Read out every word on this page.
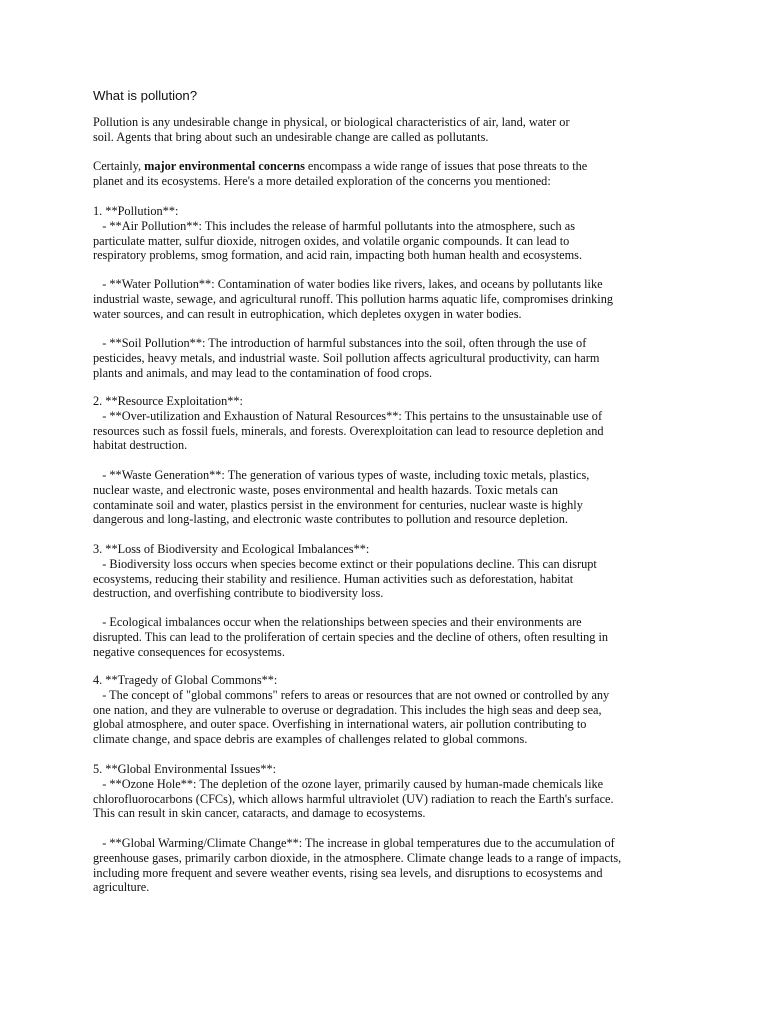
What is pollution?
Pollution is any undesirable change in physical, or biological characteristics of air, land, water or
soil. Agents that bring about such an undesirable change are called as pollutants.
Certainly, major environmental concerns encompass a wide range of issues that pose threats to the
planet and its ecosystems. Here's a more detailed exploration of the concerns you mentioned:
1. **Pollution**:
- **Air Pollution**: This includes the release of harmful pollutants into the atmosphere, such as
particulate matter, sulfur dioxide, nitrogen oxides, and volatile organic compounds. It can lead to
respiratory problems, smog formation, and acid rain, impacting both human health and ecosystems.
- **Water Pollution**: Contamination of water bodies like rivers, lakes, and oceans by pollutants like
industrial waste, sewage, and agricultural runoff. This pollution harms aquatic life, compromises drinking
water sources, and can result in eutrophication, which depletes oxygen in water bodies.
- **Soil Pollution**: The introduction of harmful substances into the soil, often through the use of
pesticides, heavy metals, and industrial waste. Soil pollution affects agricultural productivity, can harm
plants and animals, and may lead to the contamination of food crops.
2. **Resource Exploitation**:
- **Over-utilization and Exhaustion of Natural Resources**: This pertains to the unsustainable use of
resources such as fossil fuels, minerals, and forests. Overexploitation can lead to resource depletion and
habitat destruction.
- **Waste Generation**: The generation of various types of waste, including toxic metals, plastics,
nuclear waste, and electronic waste, poses environmental and health hazards. Toxic metals can
contaminate soil and water, plastics persist in the environment for centuries, nuclear waste is highly
dangerous and long-lasting, and electronic waste contributes to pollution and resource depletion.
3. **Loss of Biodiversity and Ecological Imbalances**:
- Biodiversity loss occurs when species become extinct or their populations decline. This can disrupt
ecosystems, reducing their stability and resilience. Human activities such as deforestation, habitat
destruction, and overfishing contribute to biodiversity loss.
- Ecological imbalances occur when the relationships between species and their environments are
disrupted. This can lead to the proliferation of certain species and the decline of others, often resulting in
negative consequences for ecosystems.
4. **Tragedy of Global Commons**:
- The concept of "global commons" refers to areas or resources that are not owned or controlled by any
one nation, and they are vulnerable to overuse or degradation. This includes the high seas and deep sea,
global atmosphere, and outer space. Overfishing in international waters, air pollution contributing to
climate change, and space debris are examples of challenges related to global commons.
5. **Global Environmental Issues**:
- **Ozone Hole**: The depletion of the ozone layer, primarily caused by human-made chemicals like
chlorofluorocarbons (CFCs), which allows harmful ultraviolet (UV) radiation to reach the Earth's surface.
This can result in skin cancer, cataracts, and damage to ecosystems.
- **Global Warming/Climate Change**: The increase in global temperatures due to the accumulation of
greenhouse gases, primarily carbon dioxide, in the atmosphere. Climate change leads to a range of impacts,
including more frequent and severe weather events, rising sea levels, and disruptions to ecosystems and
agriculture.
